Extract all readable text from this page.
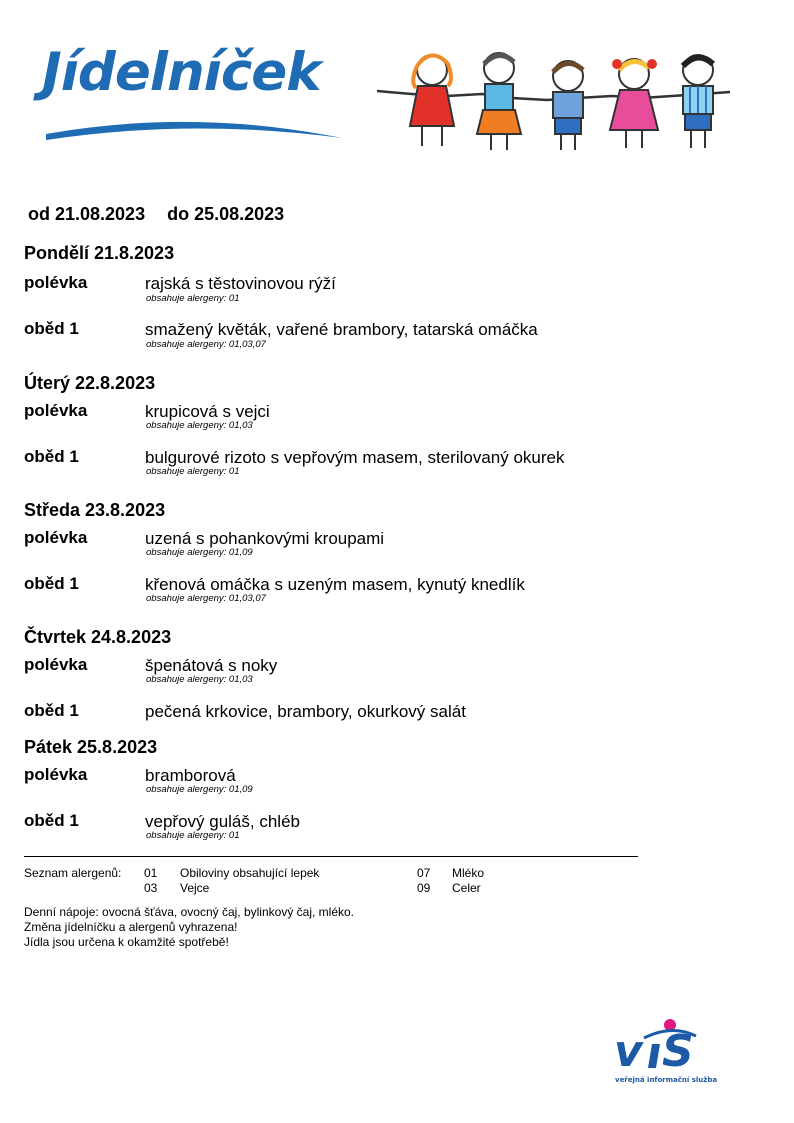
Jídelníček
od 21.08.2023 do 25.08.2023
Pondělí 21.8.2023
polévka	rajská s těstovinovou rýží
obsahuje alergeny: 01
oběd 1	smažený květák, vařené brambory, tatarská omáčka
obsahuje alergeny: 01,03,07
Úterý 22.8.2023
polévka	krupicová s vejci
obsahuje alergeny: 01,03
oběd 1	bulgurové rizoto s vepřovým masem, sterilovaný okurek
obsahuje alergeny: 01
Středa 23.8.2023
polévka	uzená s pohankovými kroupami
obsahuje alergeny: 01,09
oběd 1	křenová omáčka s uzeným masem, kynutý knedlík
obsahuje alergeny: 01,03,07
Čtvrtek 24.8.2023
polévka	špenátová s noky
obsahuje alergeny: 01,03
oběd 1	pečená krkovice, brambory, okurkový salát
Pátek 25.8.2023
polévka	bramborová
obsahuje alergeny: 01,09
oběd 1	vepřový guláš, chléb
obsahuje alergeny: 01
Seznam alergenů: 01 Obiloviny obsahující lepek
03 Vejce
07 Mléko
09 Celer
Denní nápoje: ovocná šťáva, ovocný čaj, bylinkový čaj, mléko.
Změna jídelníčku a alergenů vyhrazena!
Jídla jsou určena k okamžité spotřebě!
v S
veřejná informační služba
